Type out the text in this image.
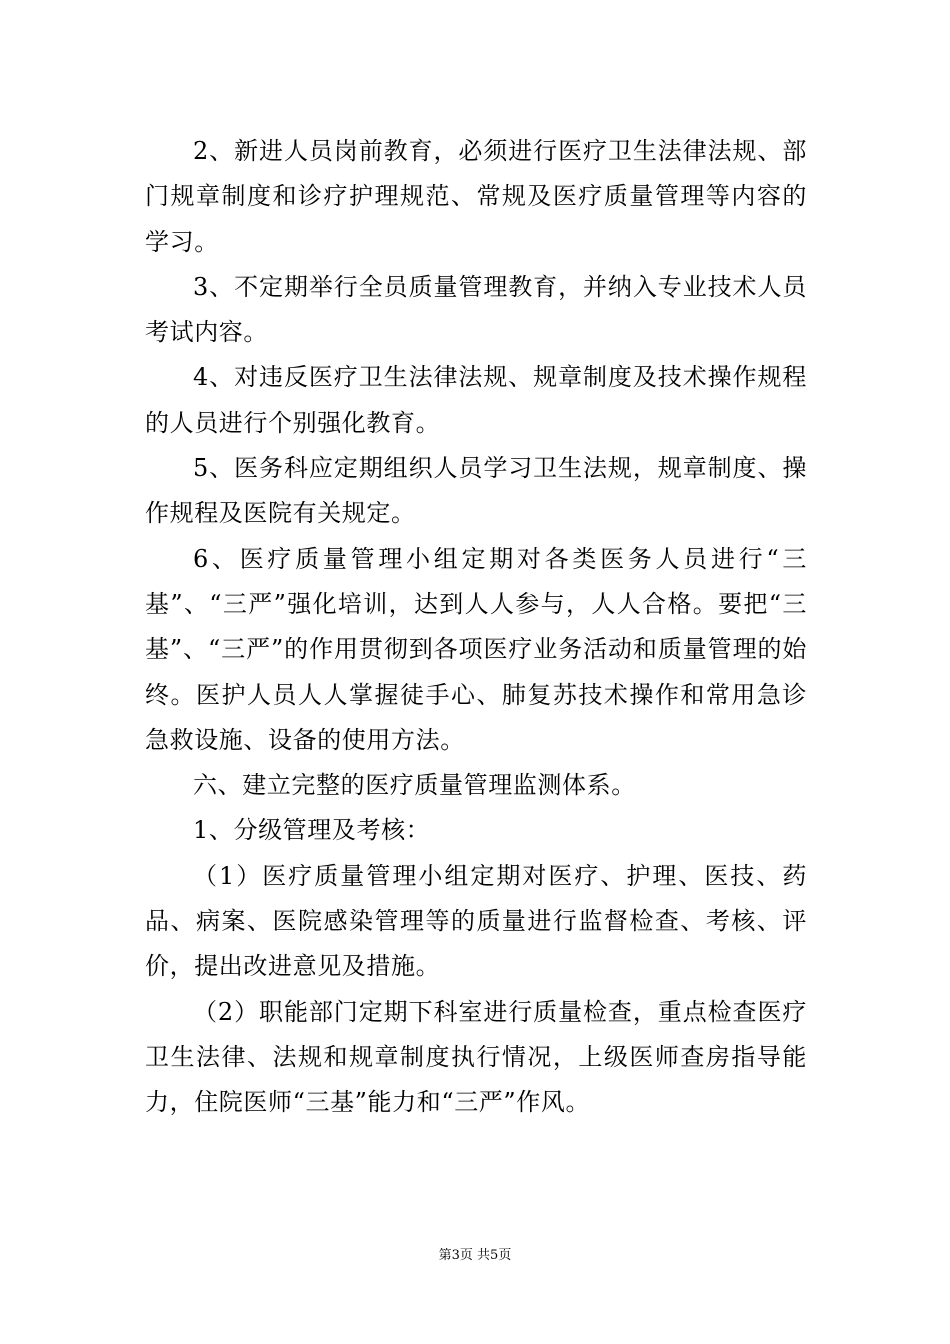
2、新进人员岗前教育，必须进行医疗卫生法律法规、部门规章制度和诊疗护理规范、常规及医疗质量管理等内容的学习。

3、不定期举行全员质量管理教育，并纳入专业技术人员考试内容。

4、对违反医疗卫生法律法规、规章制度及技术操作规程的人员进行个别强化教育。

5、医务科应定期组织人员学习卫生法规，规章制度、操作规程及医院有关规定。

6、医疗质量管理小组定期对各类医务人员进行“三基”、“三严”强化培训，达到人人参与，人人合格。要把“三基”、“三严”的作用贯彻到各项医疗业务活动和质量管理的始终。医护人员人人掌握徒手心、肺复苏技术操作和常用急诊急救设施、设备的使用方法。

六、建立完整的医疗质量管理监测体系。

1、分级管理及考核：

（1）医疗质量管理小组定期对医疗、护理、医技、药品、病案、医院感染管理等的质量进行监督检查、考核、评价，提出改进意见及措施。

（2）职能部门定期下科室进行质量检查，重点检查医疗卫生法律、法规和规章制度执行情况，上级医师查房指导能力，住院医师“三基”能力和“三严”作风。

第3页 共5页
